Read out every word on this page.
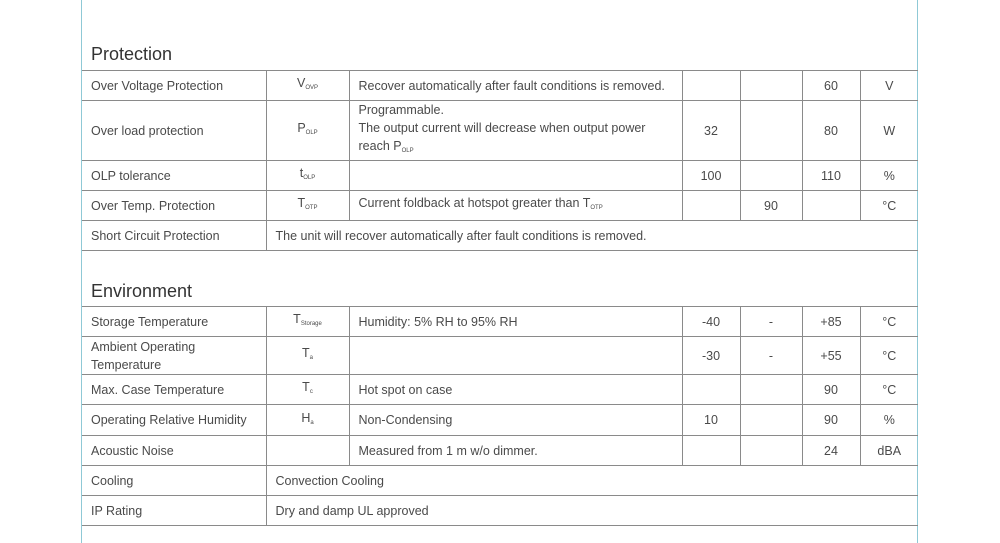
Protection
Over Voltage Protection	$V_{OVP}$	Recover automatically after fault conditions is removed.			60	V
Over load protection	$P_{OLP}$	Programmable.
The output current will decrease when output power
reach $P_{OLP}$	32		80	W
OLP tolerance	$t_{OLP}$		100		110	%
Over Temp. Protection	$T_{OTP}$	Current foldback at hotspot greater than $T_{OTP}$		90		°C
Short Circuit Protection	The unit will recover automatically after fault conditions is removed.					
Environment
Storage Temperature	$T_{Storage}$	Humidity: 5% RH to 95% RH	-40	-	+85	°C

Ambient Operating
Temperature	$T_a$		-30	-	+55	°C
Max. Case Temperature	$T_c$	Hot spot on case			90	°C
Operating Relative Humidity	$H_a$	Non-Condensing	10		90	%
Acoustic Noise		Measured from 1 m w/o dimmer.			24	dBA
Cooling	Convection Cooling					
IP Rating	Dry and damp UL approved					
